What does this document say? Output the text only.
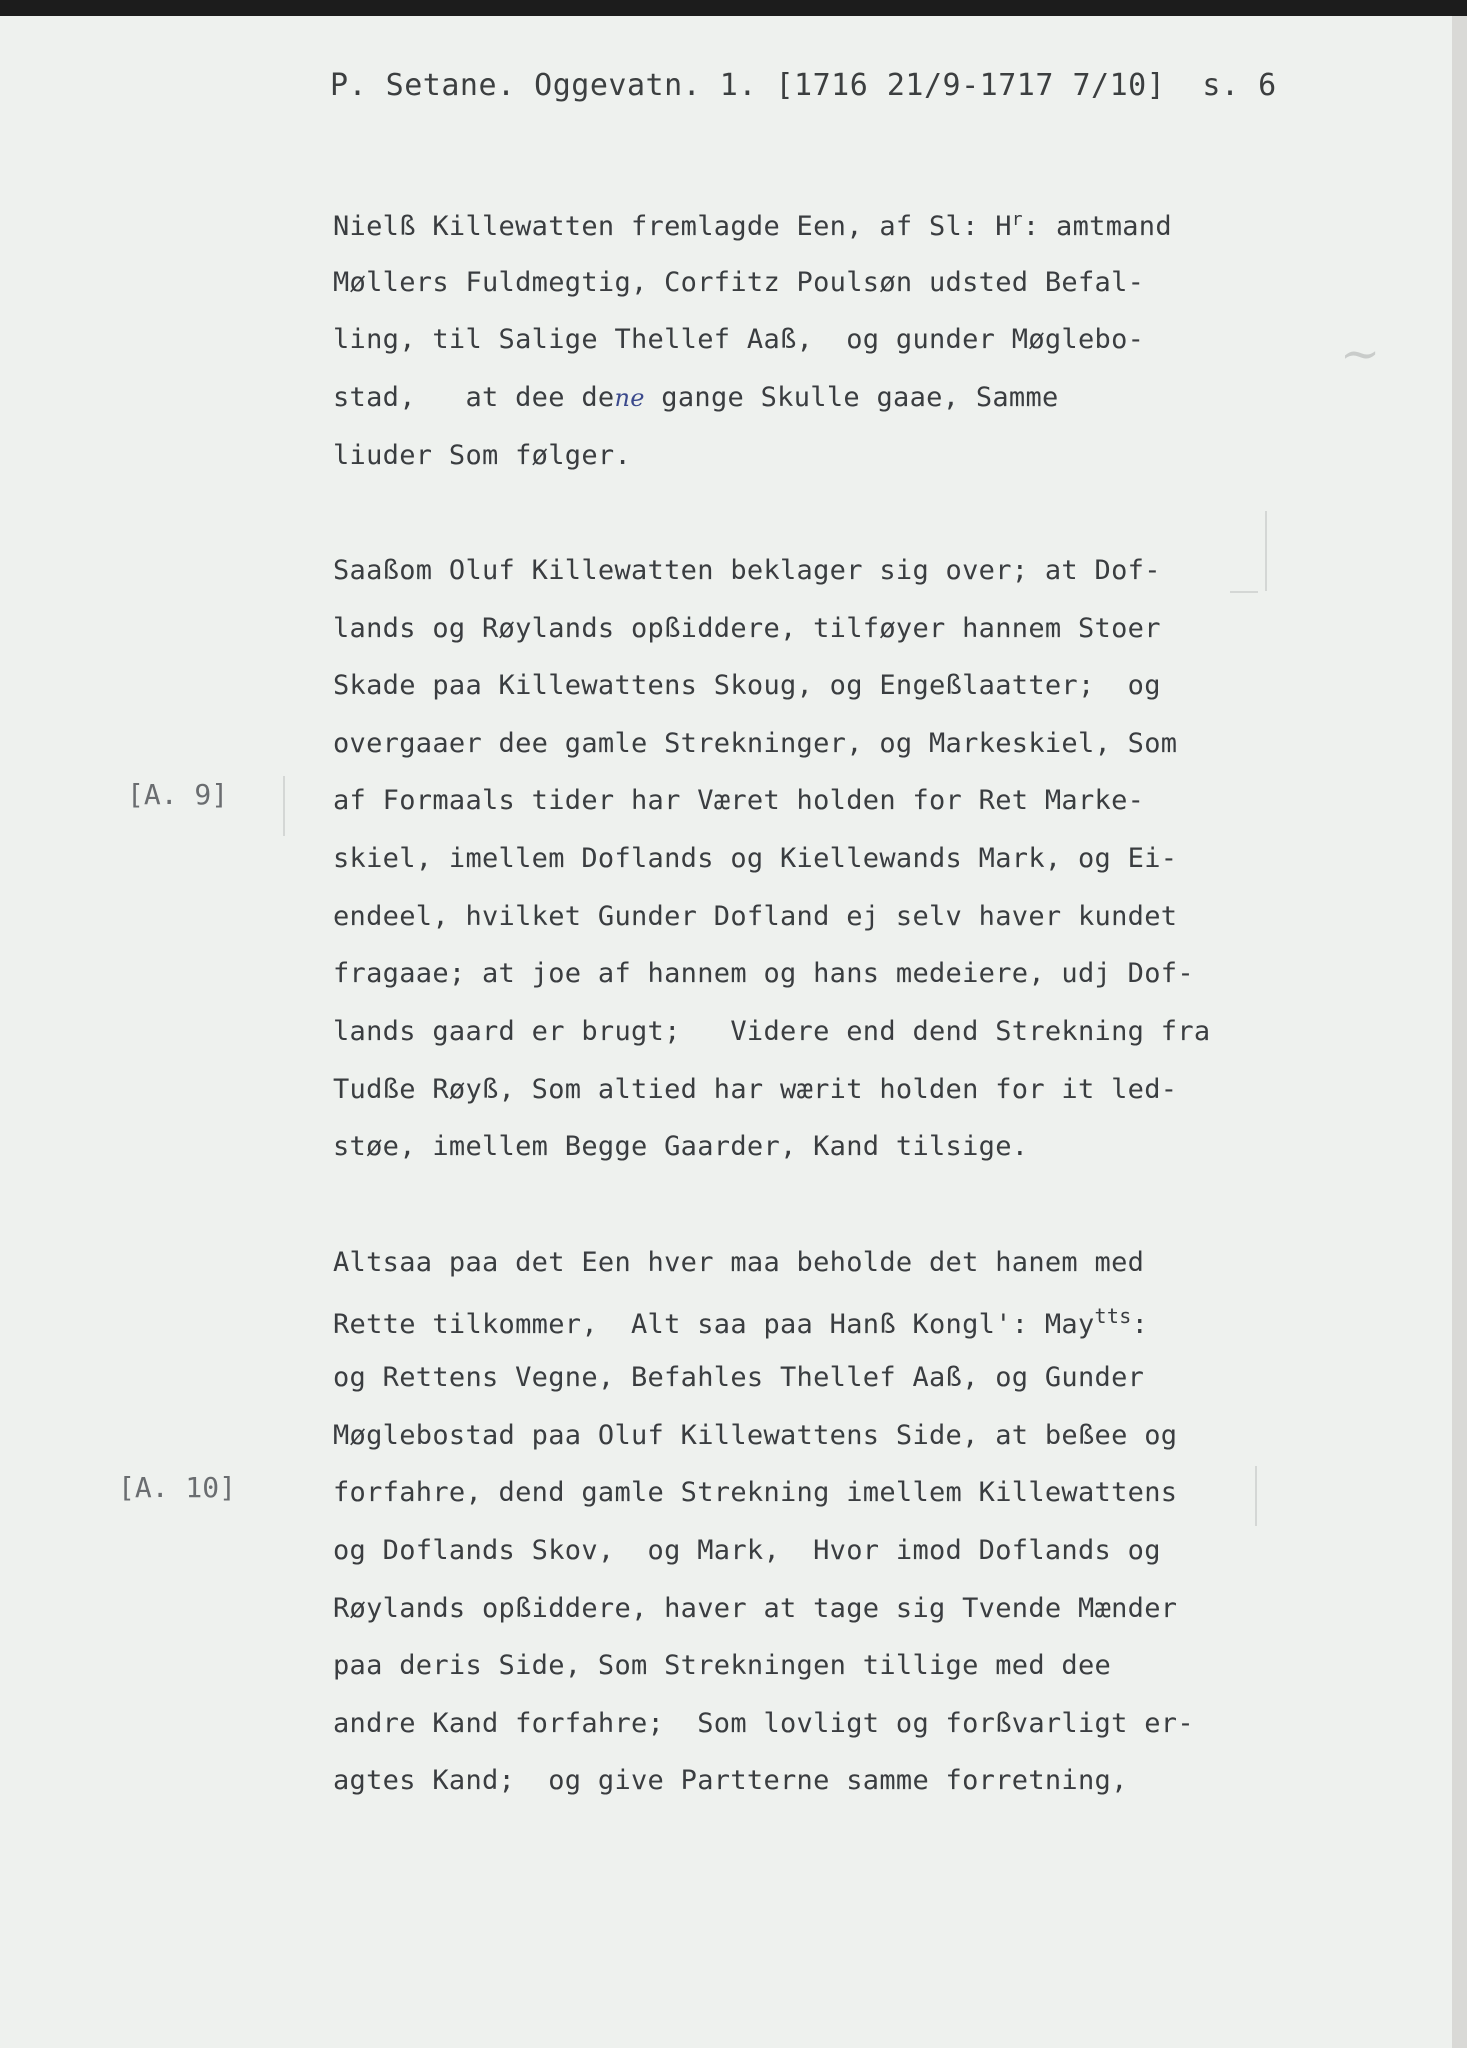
P. Setane. Oggevatn. 1. [1716 21/9-1717 7/10]  s. 6
Nielß Killewatten fremlagde Een, af Sl: $H^r$: amtmand
Møllers Fuldmegtig, Corfitz Poulsøn udsted Befal-
ling, til Salige Thellef Aaß,  og gunder Møglebo-
stad,   at dee dene gange Skulle gaae, Samme
liuder Som følger.
Saaßom Oluf Killewatten beklager sig over; at Dof-
lands og Røylands opßiddere, tilføyer hannem Stoer
Skade paa Killewattens Skoug, og Engeßlaatter;  og
overgaaer dee gamle Strekninger, og Markeskiel, Som
af Formaals tider har Været holden for Ret Marke-
skiel, imellem Doflands og Kiellewands Mark, og Ei-
endeel, hvilket Gunder Dofland ej selv haver kundet
fragaae; at joe af hannem og hans medeiere, udj Dof-
lands gaard er brugt;   Videre end dend Strekning fra
Tudße Røyß, Som altied har wærit holden for it led-
støe, imellem Begge Gaarder, Kand tilsige.
Altsaa paa det Een hver maa beholde det hanem med
Rette tilkommer,  Alt saa paa Hanß Kongl': May$^{tts}$:
og Rettens Vegne, Befahles Thellef Aaß, og Gunder
Møglebostad paa Oluf Killewattens Side, at beßee og
forfahre, dend gamle Strekning imellem Killewattens
og Doflands Skov,  og Mark,  Hvor imod Doflands og
Røylands opßiddere, haver at tage sig Tvende Mænder
paa deris Side, Som Strekningen tillige med dee
andre Kand forfahre;  Som lovligt og forßvarligt er-
agtes Kand;  og give Partterne samme forretning,
[A. 9]
[A. 10]
~
